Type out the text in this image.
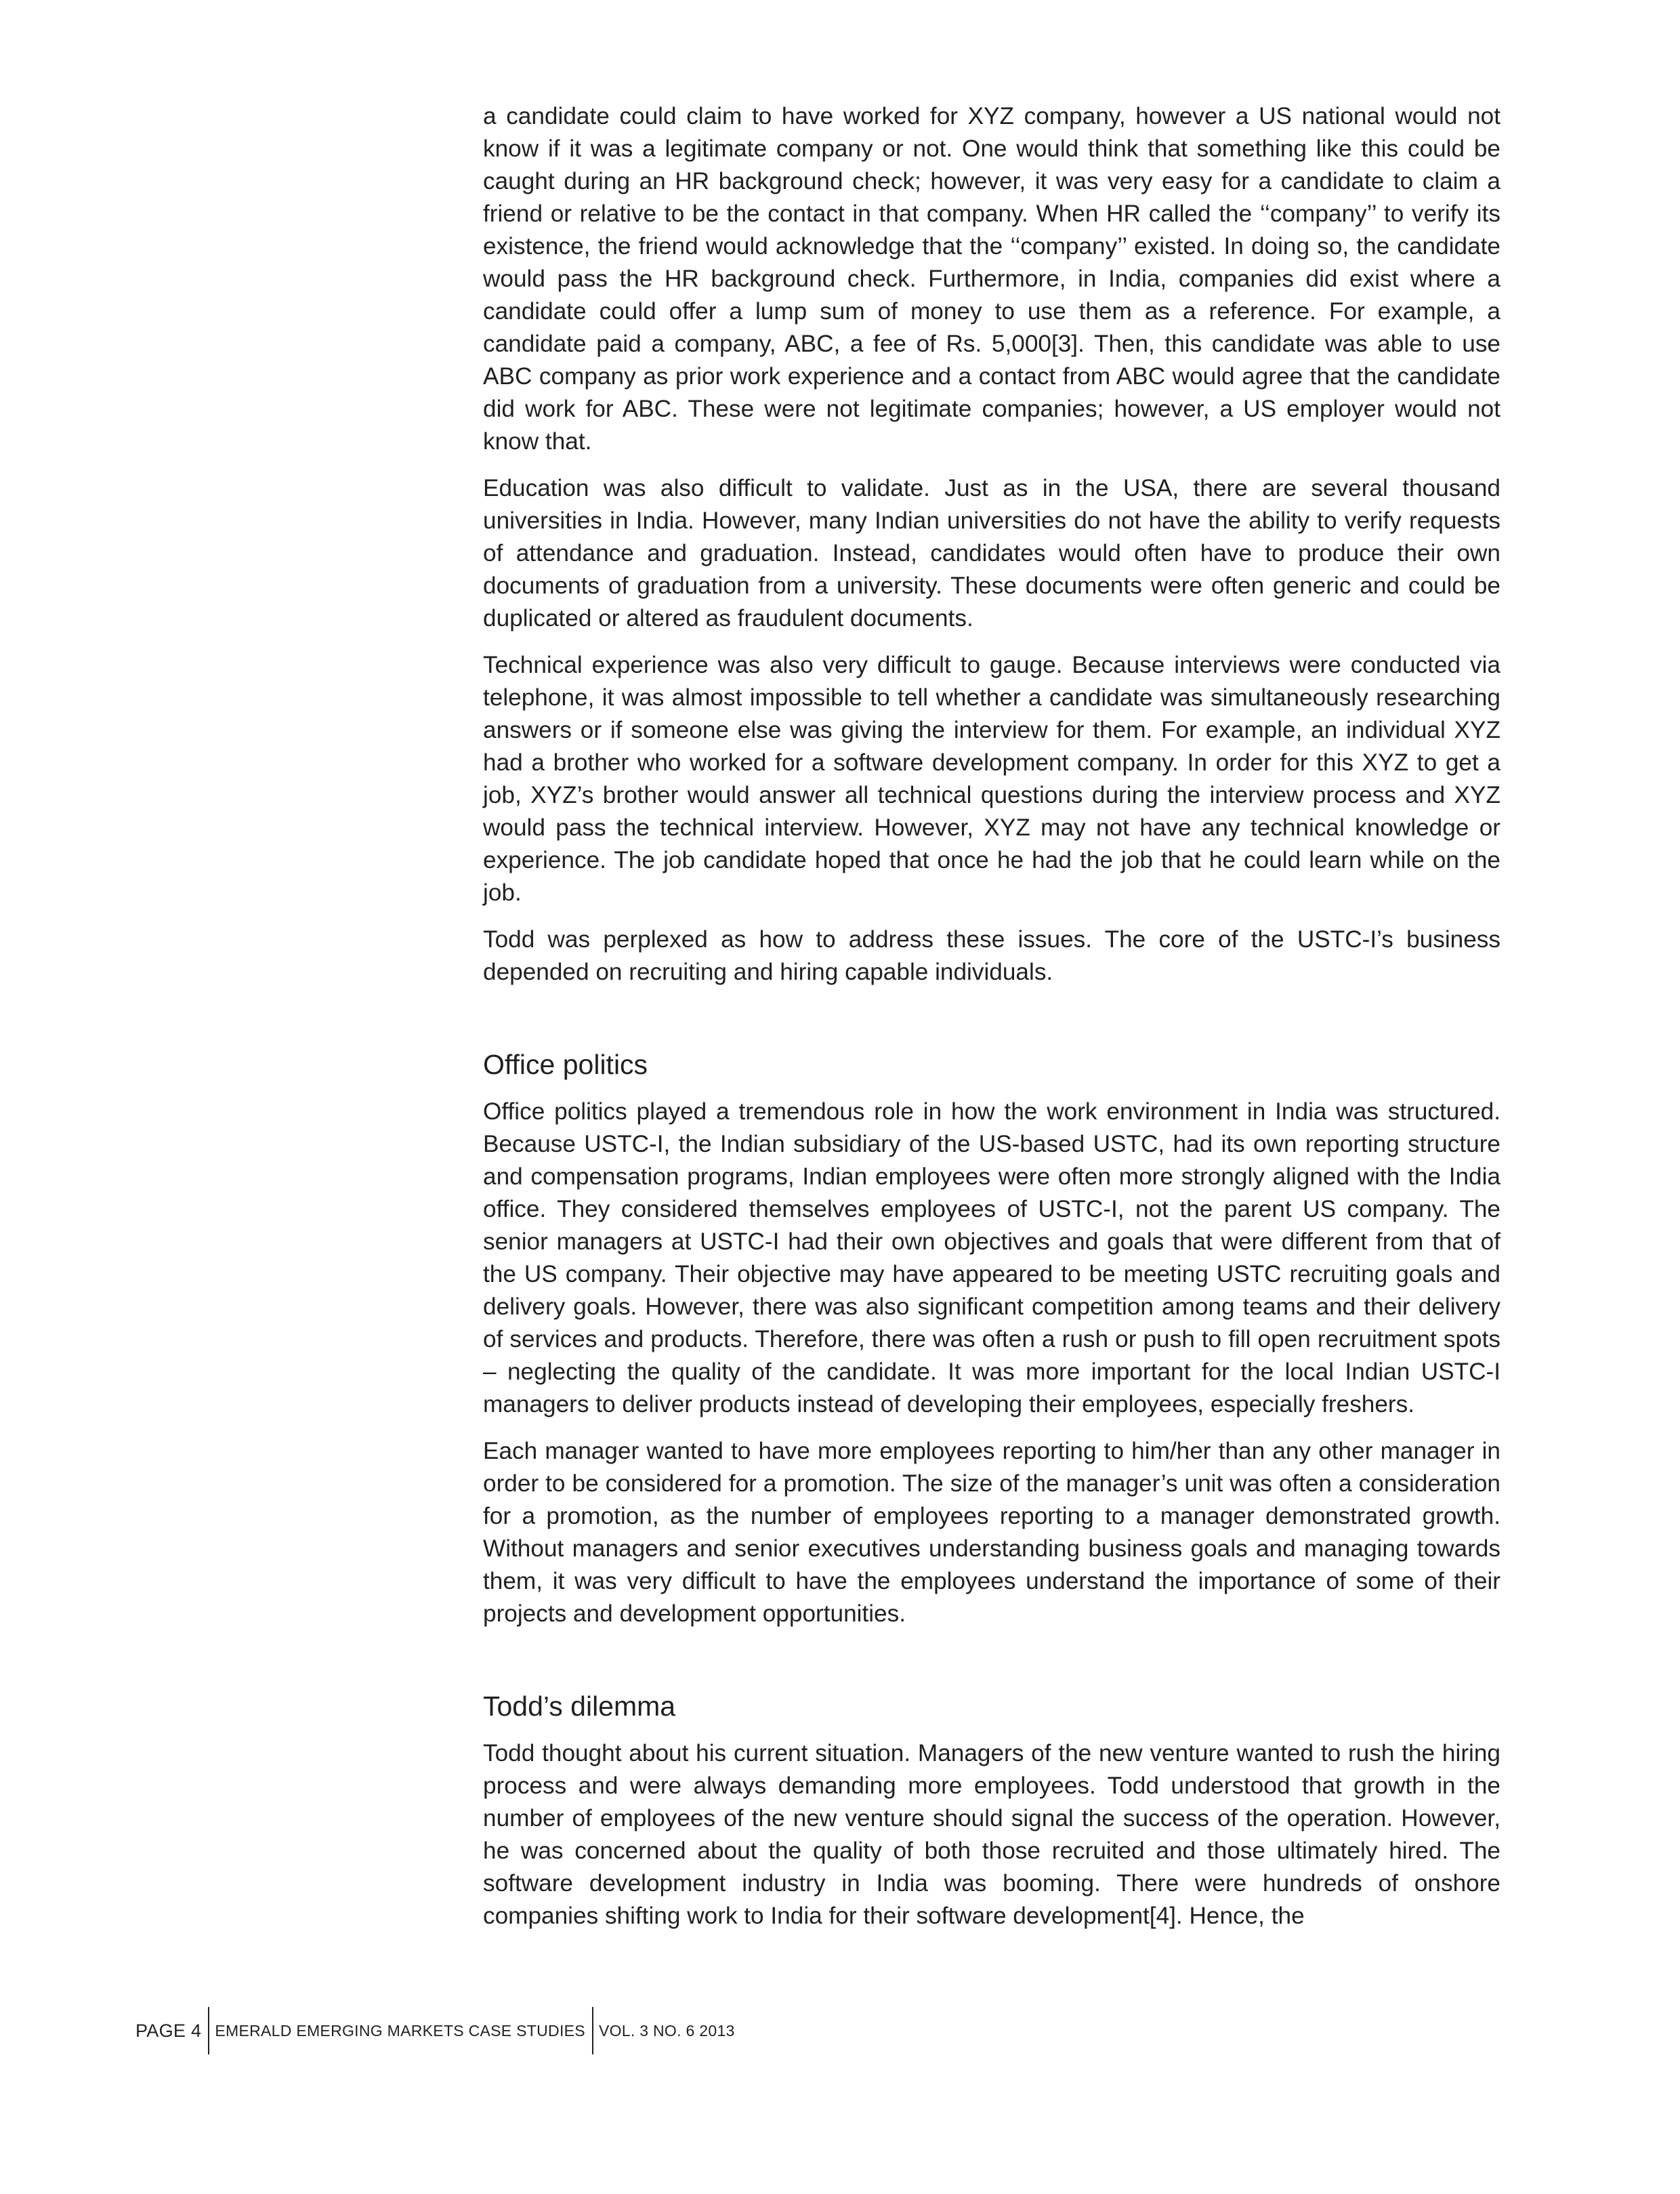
a candidate could claim to have worked for XYZ company, however a US national would not know if it was a legitimate company or not. One would think that something like this could be caught during an HR background check; however, it was very easy for a candidate to claim a friend or relative to be the contact in that company. When HR called the ‘‘company’’ to verify its existence, the friend would acknowledge that the ‘‘company’’ existed. In doing so, the candidate would pass the HR background check. Furthermore, in India, companies did exist where a candidate could offer a lump sum of money to use them as a reference. For example, a candidate paid a company, ABC, a fee of Rs. 5,000[3]. Then, this candidate was able to use ABC company as prior work experience and a contact from ABC would agree that the candidate did work for ABC. These were not legitimate companies; however, a US employer would not know that.

Education was also difficult to validate. Just as in the USA, there are several thousand universities in India. However, many Indian universities do not have the ability to verify requests of attendance and graduation. Instead, candidates would often have to produce their own documents of graduation from a university. These documents were often generic and could be duplicated or altered as fraudulent documents.

Technical experience was also very difficult to gauge. Because interviews were conducted via telephone, it was almost impossible to tell whether a candidate was simultaneously researching answers or if someone else was giving the interview for them. For example, an individual XYZ had a brother who worked for a software development company. In order for this XYZ to get a job, XYZ’s brother would answer all technical questions during the interview process and XYZ would pass the technical interview. However, XYZ may not have any technical knowledge or experience. The job candidate hoped that once he had the job that he could learn while on the job.

Todd was perplexed as how to address these issues. The core of the USTC-I’s business depended on recruiting and hiring capable individuals.

Office politics

Office politics played a tremendous role in how the work environment in India was structured. Because USTC-I, the Indian subsidiary of the US-based USTC, had its own reporting structure and compensation programs, Indian employees were often more strongly aligned with the India office. They considered themselves employees of USTC-I, not the parent US company. The senior managers at USTC-I had their own objectives and goals that were different from that of the US company. Their objective may have appeared to be meeting USTC recruiting goals and delivery goals. However, there was also significant competition among teams and their delivery of services and products. Therefore, there was often a rush or push to fill open recruitment spots – neglecting the quality of the candidate. It was more important for the local Indian USTC-I managers to deliver products instead of developing their employees, especially freshers.

Each manager wanted to have more employees reporting to him/her than any other manager in order to be considered for a promotion. The size of the manager’s unit was often a consideration for a promotion, as the number of employees reporting to a manager demonstrated growth. Without managers and senior executives understanding business goals and managing towards them, it was very difficult to have the employees understand the importance of some of their projects and development opportunities.

Todd’s dilemma

Todd thought about his current situation. Managers of the new venture wanted to rush the hiring process and were always demanding more employees. Todd understood that growth in the number of employees of the new venture should signal the success of the operation. However, he was concerned about the quality of both those recruited and those ultimately hired. The software development industry in India was booming. There were hundreds of onshore companies shifting work to India for their software development[4]. Hence, the

PAGE 4 EMERALD EMERGING MARKETS CASE STUDIES VOL. 3 NO. 6 2013
